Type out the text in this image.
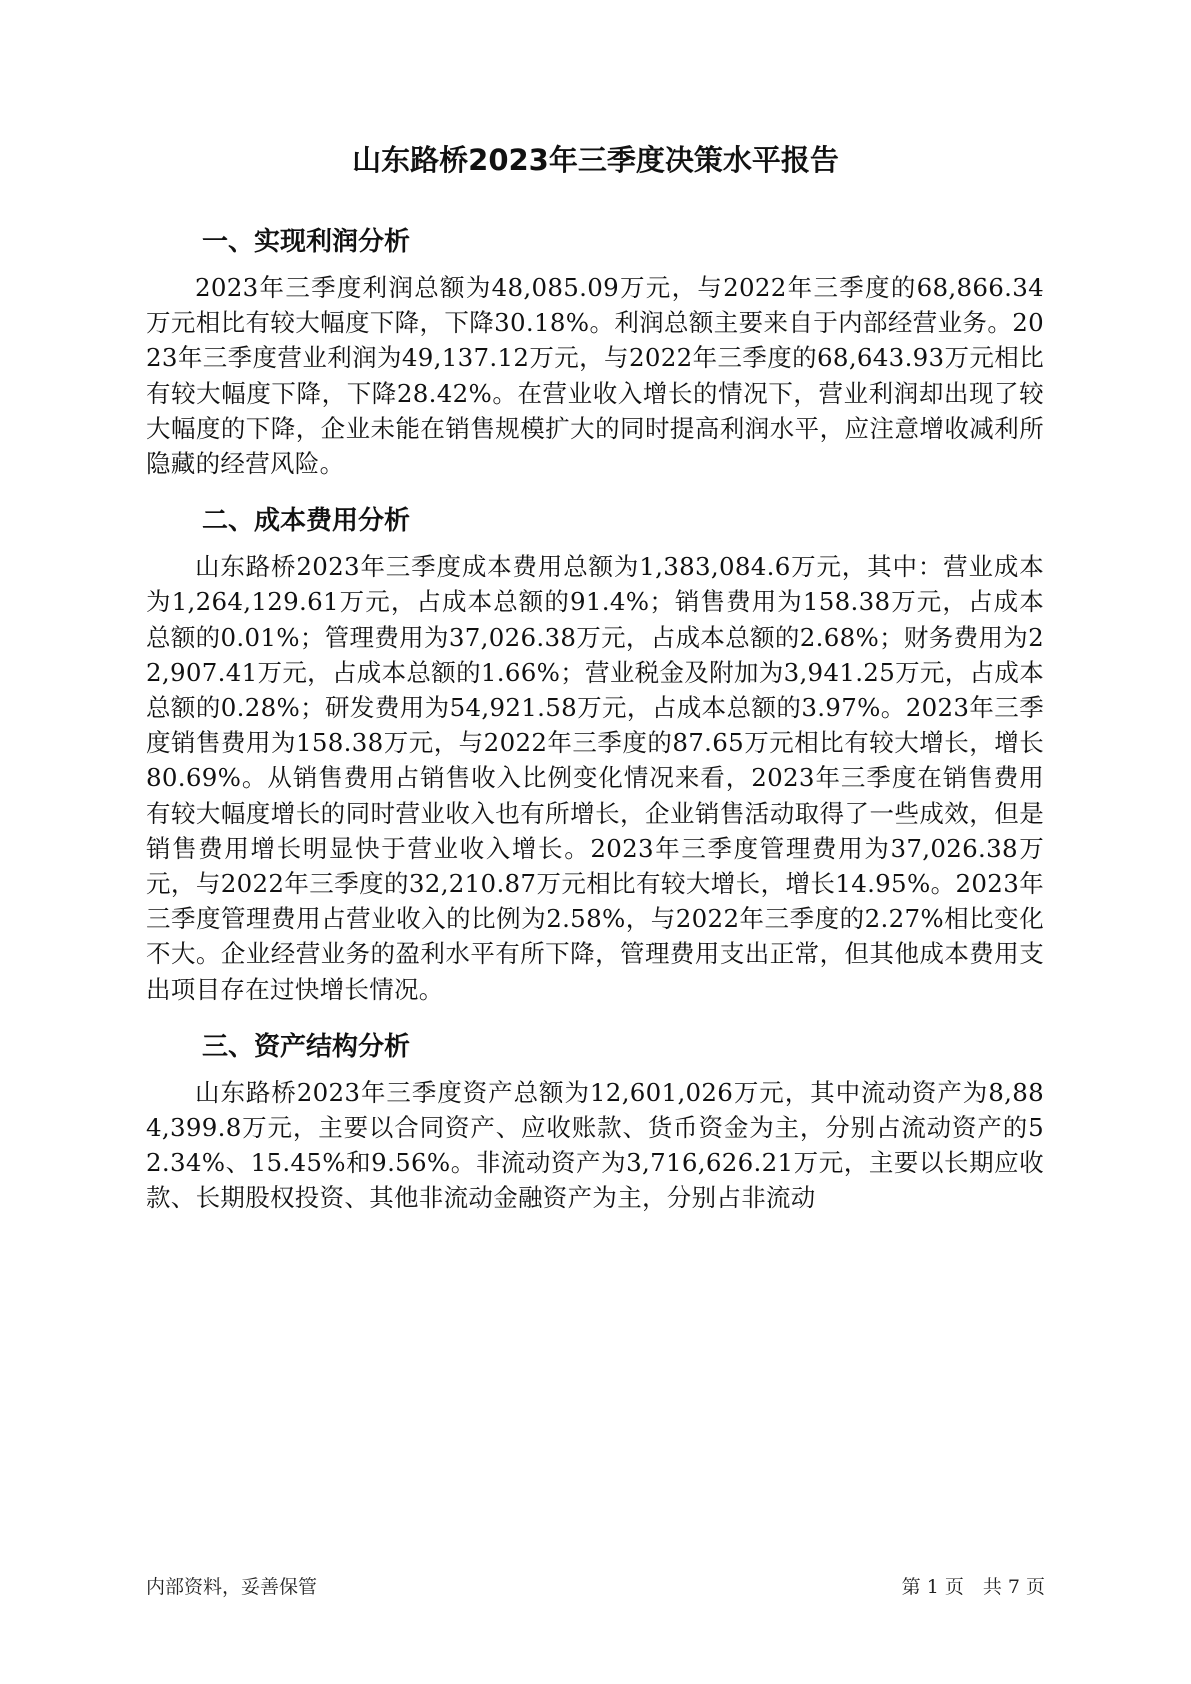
山东路桥2023年三季度决策水平报告
一、实现利润分析

2023年三季度利润总额为48,085.09万元，与2022年三季度的68,866.34万元相比有较大幅度下降，下降30.18%。利润总额主要来自于内部经营业务。2023年三季度营业利润为49,137.12万元，与2022年三季度的68,643.93万元相比有较大幅度下降，下降28.42%。在营业收入增长的情况下，营业利润却出现了较大幅度的下降，企业未能在销售规模扩大的同时提高利润水平，应注意增收减利所隐藏的经营风险。

二、成本费用分析

山东路桥2023年三季度成本费用总额为1,383,084.6万元，其中：营业成本为1,264,129.61万元，占成本总额的91.4%；销售费用为158.38万元，占成本总额的0.01%；管理费用为37,026.38万元，占成本总额的2.68%；财务费用为22,907.41万元，占成本总额的1.66%；营业税金及附加为3,941.25万元，占成本总额的0.28%；研发费用为54,921.58万元，占成本总额的3.97%。2023年三季度销售费用为158.38万元，与2022年三季度的87.65万元相比有较大增长，增长80.69%。从销售费用占销售收入比例变化情况来看，2023年三季度在销售费用有较大幅度增长的同时营业收入也有所增长，企业销售活动取得了一些成效，但是销售费用增长明显快于营业收入增长。2023年三季度管理费用为37,026.38万元，与2022年三季度的32,210.87万元相比有较大增长，增长14.95%。2023年三季度管理费用占营业收入的比例为2.58%，与2022年三季度的2.27%相比变化不大。企业经营业务的盈利水平有所下降，管理费用支出正常，但其他成本费用支出项目存在过快增长情况。

三、资产结构分析

山东路桥2023年三季度资产总额为12,601,026万元，其中流动资产为8,884,399.8万元，主要以合同资产、应收账款、货币资金为主，分别占流动资产的52.34%、15.45%和9.56%。非流动资产为3,716,626.21万元，主要以长期应收款、长期股权投资、其他非流动金融资产为主，分别占非流动

内部资料，妥善保管	第 1 页　共 7 页
